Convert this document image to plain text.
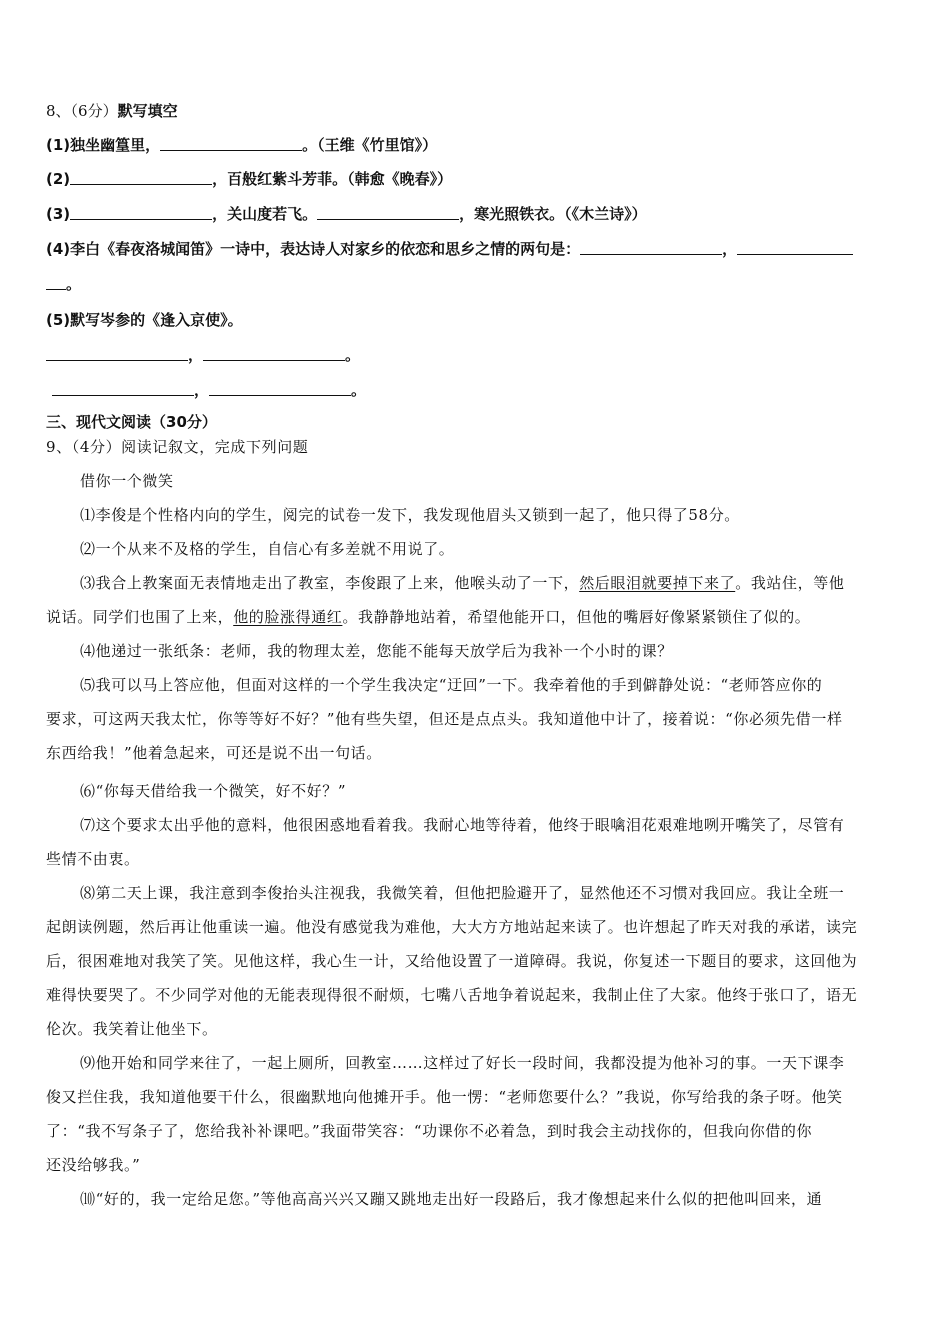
8、（6分）默写填空
(1)独坐幽篁里，	。（王维《竹里馆》）
(2)	，百般红紫斗芳菲。（韩愈《晚春》）
(3)	，关山度若飞。	，寒光照铁衣。（《木兰诗》）
(4)李白《春夜洛城闻笛》一诗中，表达诗人对家乡的依恋和思乡之情的两句是：	，
。
(5)默写岑参的《逢入京使》。
，	。
，	。
三、现代文阅读（30分）
9、（4分）阅读记叙文，完成下列问题
借你一个微笑
⑴李俊是个性格内向的学生，阅完的试卷一发下，我发现他眉头又锁到一起了，他只得了58分。
⑵一个从来不及格的学生，自信心有多差就不用说了。
⑶我合上教案面无表情地走出了教室，李俊跟了上来，他喉头动了一下，然后眼泪就要掉下来了。我站住，等他
说话。同学们也围了上来，他的脸涨得通红。我静静地站着，希望他能开口，但他的嘴唇好像紧紧锁住了似的。
⑷他递过一张纸条：老师，我的物理太差，您能不能每天放学后为我补一个小时的课？
⑸我可以马上答应他，但面对这样的一个学生我决定“迂回”一下。我牵着他的手到僻静处说：“老师答应你的
要求，可这两天我太忙，你等等好不好？”他有些失望，但还是点点头。我知道他中计了，接着说：“你必须先借一样
东西给我！”他着急起来，可还是说不出一句话。
⑹“你每天借给我一个微笑，好不好？”
⑺这个要求太出乎他的意料，他很困惑地看着我。我耐心地等待着，他终于眼噙泪花艰难地咧开嘴笑了，尽管有
些情不由衷。
⑻第二天上课，我注意到李俊抬头注视我，我微笑着，但他把脸避开了，显然他还不习惯对我回应。我让全班一
起朗读例题，然后再让他重读一遍。他没有感觉我为难他，大大方方地站起来读了。也许想起了昨天对我的承诺，读完
后，很困难地对我笑了笑。见他这样，我心生一计，又给他设置了一道障碍。我说，你复述一下题目的要求，这回他为
难得快要哭了。不少同学对他的无能表现得很不耐烦，七嘴八舌地争着说起来，我制止住了大家。他终于张口了，语无
伦次。我笑着让他坐下。
⑼他开始和同学来往了，一起上厕所，回教室……这样过了好长一段时间，我都没提为他补习的事。一天下课李
俊又拦住我，我知道他要干什么，很幽默地向他摊开手。他一愣：“老师您要什么？”我说，你写给我的条子呀。他笑
了：“我不写条子了，您给我补补课吧。”我面带笑容：“功课你不必着急，到时我会主动找你的，但我向你借的你
还没给够我。”
⑽“好的，我一定给足您。”等他高高兴兴又蹦又跳地走出好一段路后，我才像想起来什么似的把他叫回来，通
